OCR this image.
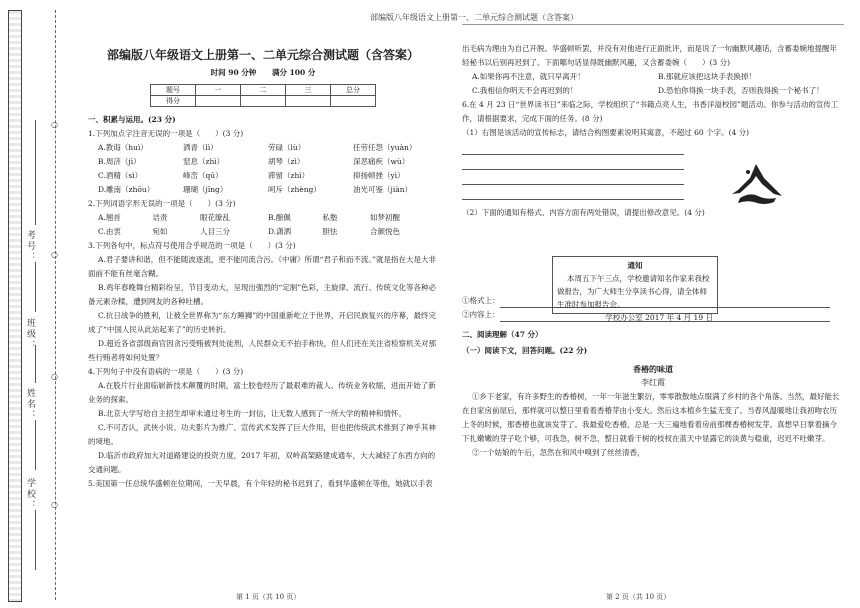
部编版八年级语文上册第一、二单元综合测试题（含答案）
考号：
班级：
姓名：
学校：
○
○
○
○
部编版八年级语文上册第一、二单元综合测试题（含答案）
时间 90 分钟 满分 100 分
题号	一	二	三	总分
得分				
一、积累与运用。(23 分)

1.下列加点字注音无误的一项是（　　）(3 分)

A.教诲（huì）	洒青（lì）	劳碌（lù）	任劳任怨（yuàn）
B.周济（jì）	窒息（zhì）	胡琴（zì）	深恶痛疾（wù）
C.酒精（sì）	峰峦（qū）	滞留（zhì）	抑扬顿挫（yì）
D.雕南（zhōu）	珊瑚（jīng）	呵斥（zhèng）	油光可鉴（jiàn）

2.下列词语字形无误的一项是（　　）(3 分)

A.翘首	诘责	眼花缭乱	B.酿佩	私塾	如梦初醒
C.由衷	宛如	人目三分	D.潇洒	胆怯	合颜悦色

3.下列各句中，标点符号使用合乎规范的一项是（　　）(3 分)

A.君子要讲和谐，但不能随波逐流，更不能同流合污。《中庸》所谓“君子和而不流。”就是指在大是大非面前不能有丝毫含糊。

B.鸡年春晚舞台精彩纷呈，节目变动大，呈现出强烈的“定制”色彩，主旋律、流行、传统文化等各种必备元素杂糅，遭到网友的各种吐槽。

C.抗日战争的胜利，让被全世界称为“东方睡狮”的中国重新屹立于世界，开启民族复兴的序幕，最终完成了“中国人民从此站起来了”的历史转折。

D.超近各省部级商官因贪污受贿被判处徒刑，人民群众无不拍手称快，但人们还在关注省检察机关对那些行贿者将如何处置？

4.下列句子中没有语病的一项是（　　）(3 分)

A.在股片行业面临崭新技术颠覆的时期，富士胶卷经历了最艰难的裁人、传统业务收缩，进而开始了新业务的探索。

B.北京大学写给自主招生却审未通过考生的一封信，让无数人感到了一所大学的精神和情怀。

C.不可否认，武侠小说、功夫影片为推广、宣传武术发挥了巨大作用，但也把传统武术推到了神乎其神的境地。

D.临沂市政府加大对道路建设的投资力度，2017 年初，双岭高架路建成通车，大大减轻了东西方向的交通问题。

5.美国第一任总统华盛顿在位期间，一天早晨，有个年轻的秘书迟到了，看到华盛顿在等他，她就以手表

出毛病为理由为自己开脱。华盛顿听罢，并没有对他进行正面批评，而是说了一句幽默风趣话，含蓄委婉地提醒年轻秘书以后别再迟到了。下面哪句话显得既幽默风趣，又含蓄委婉（　　）(3 分)

A.如果你再不注意，就只早离开！	B.那就应该把这块手表换掉！
C.我相信你明天不会再迟到的！	D.恐怕你得换一块手表，否则我得换一个秘书了！

6.在 4 月 23 日“世界读书日”来临之际，学校组织了“书籍点亮人生，书香洋溢校园”题活动。你参与活动的宣传工作，请根据要求，完成下面的任务。(8 分)

（1）右图是该活动的宣传标志，请结合构图要素说明其寓意，不超过 60 个字。(4 分)

（2）下面的通知有格式、内容方面有两处错误，请提出修改意见。(4 分)

①格式上：

②内容上：

二、阅读理解（47 分）
（一）阅读下文，回答问题。(22 分)
香椿的味道
李红霞

①乡下老家，有许多野生的香椿树，一年一年滋生繁衍，零零散散地点缀满了乡村的各个角落。当然，最好能长在自家房前屋后，那样就可以整日里看着香椿芽由小变大。然后这本植乡生猛无变了。当春风温暖地让我初吻农历上冬的时候，那香椿也就该发芽了。我最爱吃香椿，总是一天三遍地看着房前那棵香椿树发芽。真想早日掌着摘今下扎嫩嫩的芽子吃个够，可我急，树不急，整日就看干树的枝杈在蓝天中显露它的淡黄与稳重，迟迟不吐嫩芽。

②一个姑娘的午后，忽然在和风中嗅到了丝丝清香，

通知
本周五下午三点，学校邀请知名作家来我校做报告，为广大师生分享读书心得，请全体师生准时参加报告会。
学校办公室 2017 年 4 月 19 日
第 1 页（共 10 页）	第 2 页（共 10 页）
